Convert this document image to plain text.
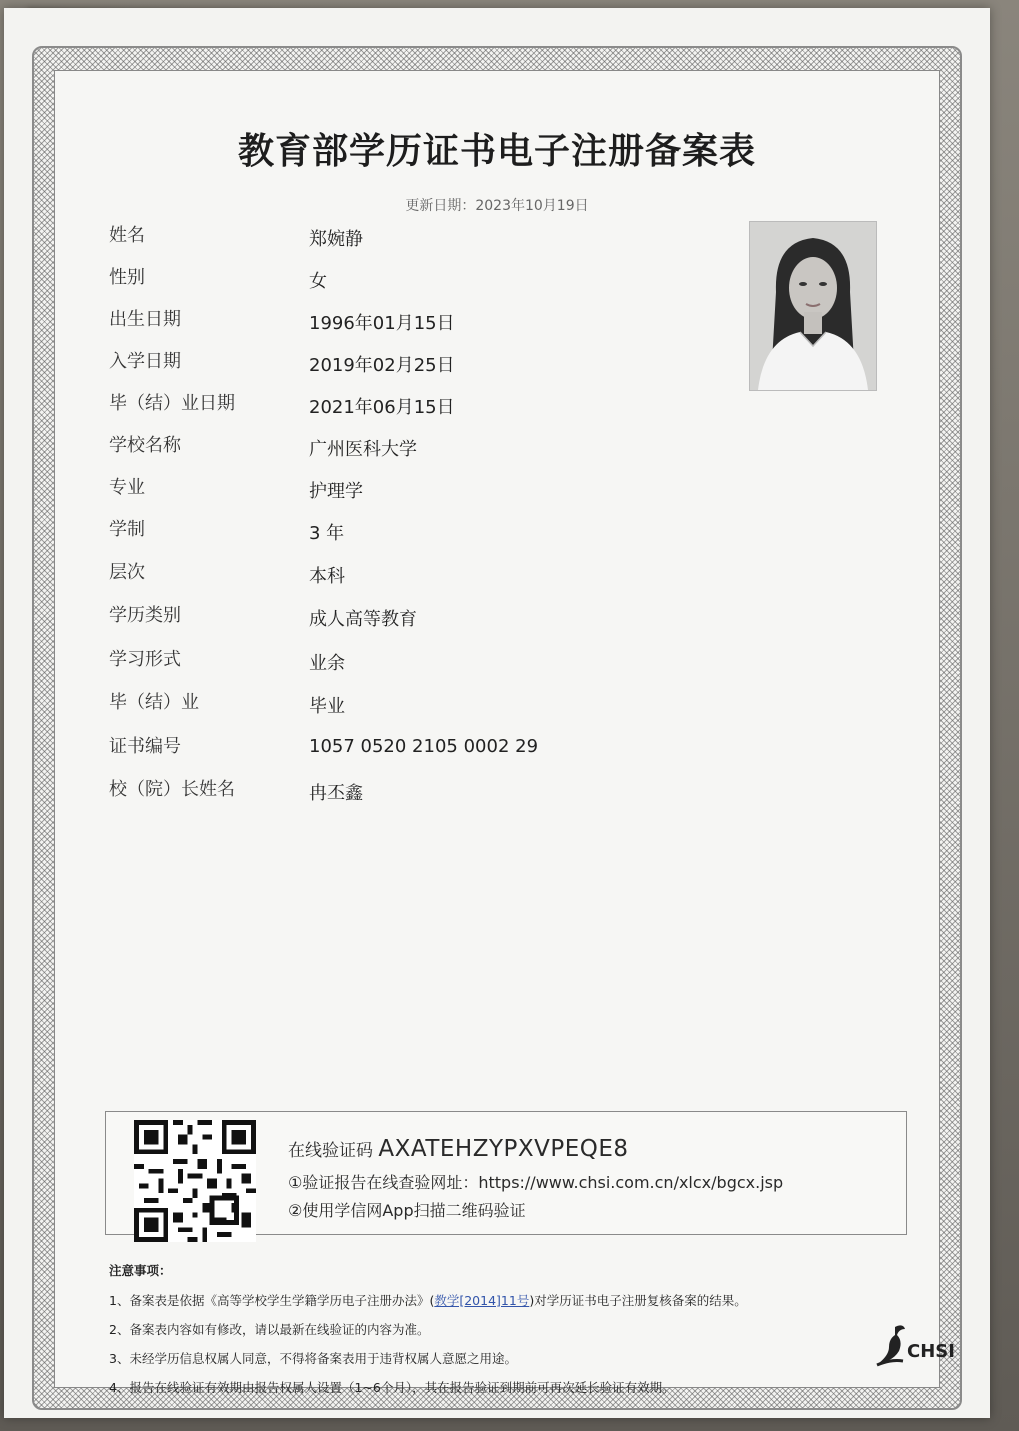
教育部学历证书电子注册备案表
更新日期：2023年10月19日
姓名	郑婉静
性别	女
出生日期	1996年01月15日
入学日期	2019年02月25日
毕（结）业日期	2021年06月15日
学校名称	广州医科大学
专业	护理学
学制	3 年
层次	本科
学历类别	成人高等教育
学习形式	业余
毕（结）业	毕业
证书编号	1057 0520 2105 0002 29
校（院）长姓名	冉丕鑫
在线验证码 AXATEHZYPXVPEQE8
①验证报告在线查验网址：https://www.chsi.com.cn/xlcx/bgcx.jsp
②使用学信网App扫描二维码验证
注意事项：
1、备案表是依据《高等学校学生学籍学历电子注册办法》(教学[2014]11号)对学历证书电子注册复核备案的结果。
2、备案表内容如有修改，请以最新在线验证的内容为准。
3、未经学历信息权属人同意，不得将备案表用于违背权属人意愿之用途。
4、报告在线验证有效期由报告权属人设置（1~6个月），其在报告验证到期前可再次延长验证有效期。
CHSI
